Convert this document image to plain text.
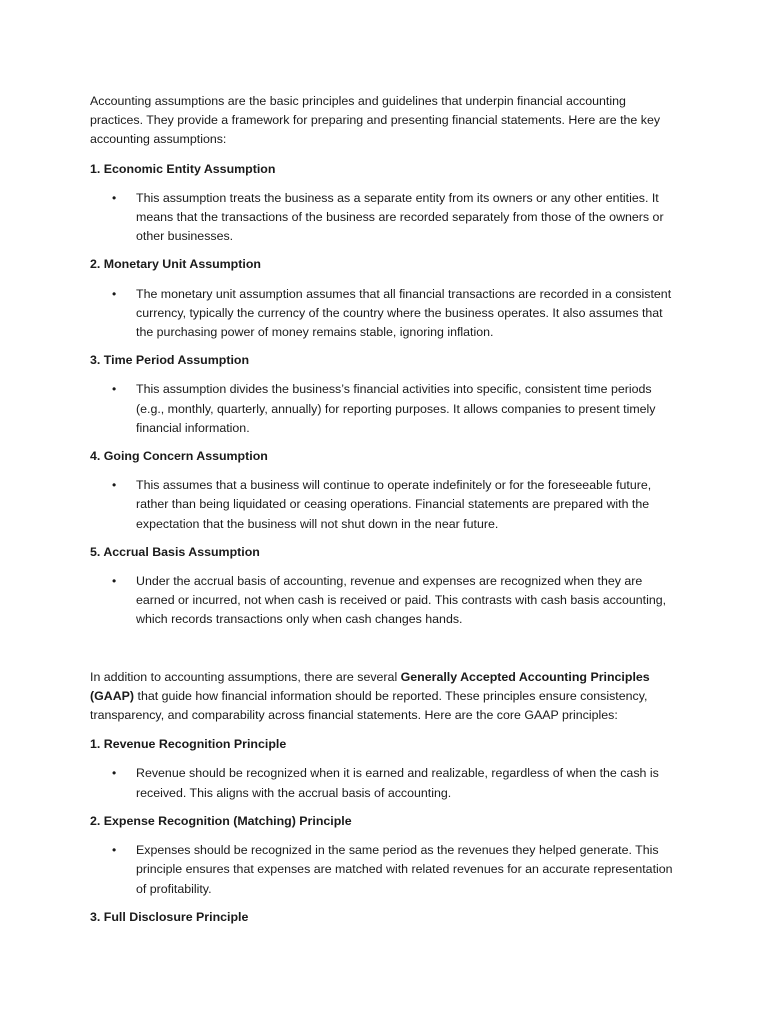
Accounting assumptions are the basic principles and guidelines that underpin financial accounting practices. They provide a framework for preparing and presenting financial statements. Here are the key accounting assumptions:

1. Economic Entity Assumption
• This assumption treats the business as a separate entity from its owners or any other entities. It means that the transactions of the business are recorded separately from those of the owners or other businesses.
2. Monetary Unit Assumption
• The monetary unit assumption assumes that all financial transactions are recorded in a consistent currency, typically the currency of the country where the business operates. It also assumes that the purchasing power of money remains stable, ignoring inflation.
3. Time Period Assumption
• This assumption divides the business’s financial activities into specific, consistent time periods (e.g., monthly, quarterly, annually) for reporting purposes. It allows companies to present timely financial information.
4. Going Concern Assumption
• This assumes that a business will continue to operate indefinitely or for the foreseeable future, rather than being liquidated or ceasing operations. Financial statements are prepared with the expectation that the business will not shut down in the near future.
5. Accrual Basis Assumption
• Under the accrual basis of accounting, revenue and expenses are recognized when they are earned or incurred, not when cash is received or paid. This contrasts with cash basis accounting, which records transactions only when cash changes hands.

In addition to accounting assumptions, there are several Generally Accepted Accounting Principles (GAAP) that guide how financial information should be reported. These principles ensure consistency, transparency, and comparability across financial statements. Here are the core GAAP principles:

1. Revenue Recognition Principle
• Revenue should be recognized when it is earned and realizable, regardless of when the cash is received. This aligns with the accrual basis of accounting.
2. Expense Recognition (Matching) Principle
• Expenses should be recognized in the same period as the revenues they helped generate. This principle ensures that expenses are matched with related revenues for an accurate representation of profitability.
3. Full Disclosure Principle
